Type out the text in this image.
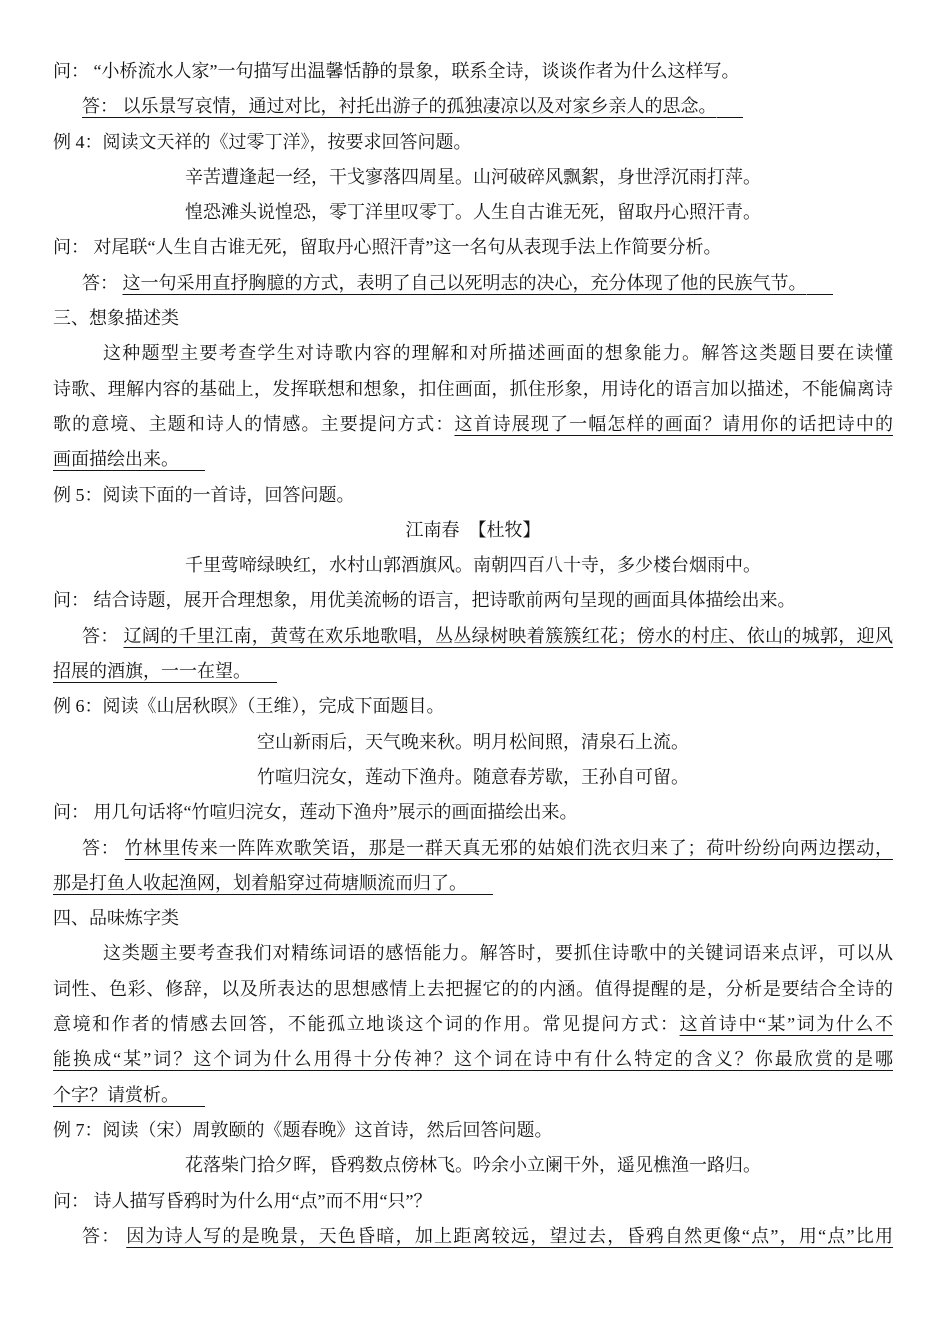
问： “小桥流水人家”一句描写出温馨恬静的景象，联系全诗，谈谈作者为什么这样写。
答： 以乐景写哀情，通过对比，衬托出游子的孤独凄凉以及对家乡亲人的思念。
例 4：阅读文天祥的《过零丁洋》，按要求回答问题。
辛苦遭逢起一经，干戈寥落四周星。山河破碎风飘絮，身世浮沉雨打萍。
惶恐滩头说惶恐，零丁洋里叹零丁。人生自古谁无死，留取丹心照汗青。
问： 对尾联“人生自古谁无死，留取丹心照汗青”这一名句从表现手法上作简要分析。
答： 这一句采用直抒胸臆的方式，表明了自己以死明志的决心，充分体现了他的民族气节。
三、想象描述类
这种题型主要考查学生对诗歌内容的理解和对所描述画面的想象能力。解答这类题目要在读懂
诗歌、理解内容的基础上，发挥联想和想象，扣住画面，抓住形象，用诗化的语言加以描述，不能偏离诗
歌的意境、主题和诗人的情感。主要提问方式：这首诗展现了一幅怎样的画面？请用你的话把诗中的
画面描绘出来。
例 5：阅读下面的一首诗，回答问题。
江南春　【杜牧】
千里莺啼绿映红，水村山郭酒旗风。南朝四百八十寺，多少楼台烟雨中。
问： 结合诗题，展开合理想象，用优美流畅的语言，把诗歌前两句呈现的画面具体描绘出来。
答： 辽阔的千里江南，黄莺在欢乐地歌唱，丛丛绿树映着簇簇红花；傍水的村庄、依山的城郭，迎风
招展的酒旗，一一在望。
例 6：阅读《山居秋暝》（王维），完成下面题目。
空山新雨后，天气晚来秋。明月松间照，清泉石上流。
竹喧归浣女，莲动下渔舟。随意春芳歇，王孙自可留。
问： 用几句话将“竹喧归浣女，莲动下渔舟”展示的画面描绘出来。
答： 竹林里传来一阵阵欢歌笑语，那是一群天真无邪的姑娘们洗衣归来了；荷叶纷纷向两边摆动，
那是打鱼人收起渔网，划着船穿过荷塘顺流而归了。
四、品味炼字类
这类题主要考查我们对精练词语的感悟能力。解答时，要抓住诗歌中的关键词语来点评，可以从
词性、色彩、修辞，以及所表达的思想感情上去把握它的的内涵。值得提醒的是，分析是要结合全诗的
意境和作者的情感去回答，不能孤立地谈这个词的作用。常见提问方式：这首诗中“某”词为什么不
能换成“某”词？这个词为什么用得十分传神？这个词在诗中有什么特定的含义？你最欣赏的是哪
个字？请赏析。
例 7：阅读（宋）周敦颐的《题春晚》这首诗，然后回答问题。
花落柴门拾夕晖，昏鸦数点傍林飞。吟余小立阑干外，遥见樵渔一路归。
问： 诗人描写昏鸦时为什么用“点”而不用“只”？
答： 因为诗人写的是晚景，天色昏暗，加上距离较远，望过去，昏鸦自然更像“点”，用“点”比用
